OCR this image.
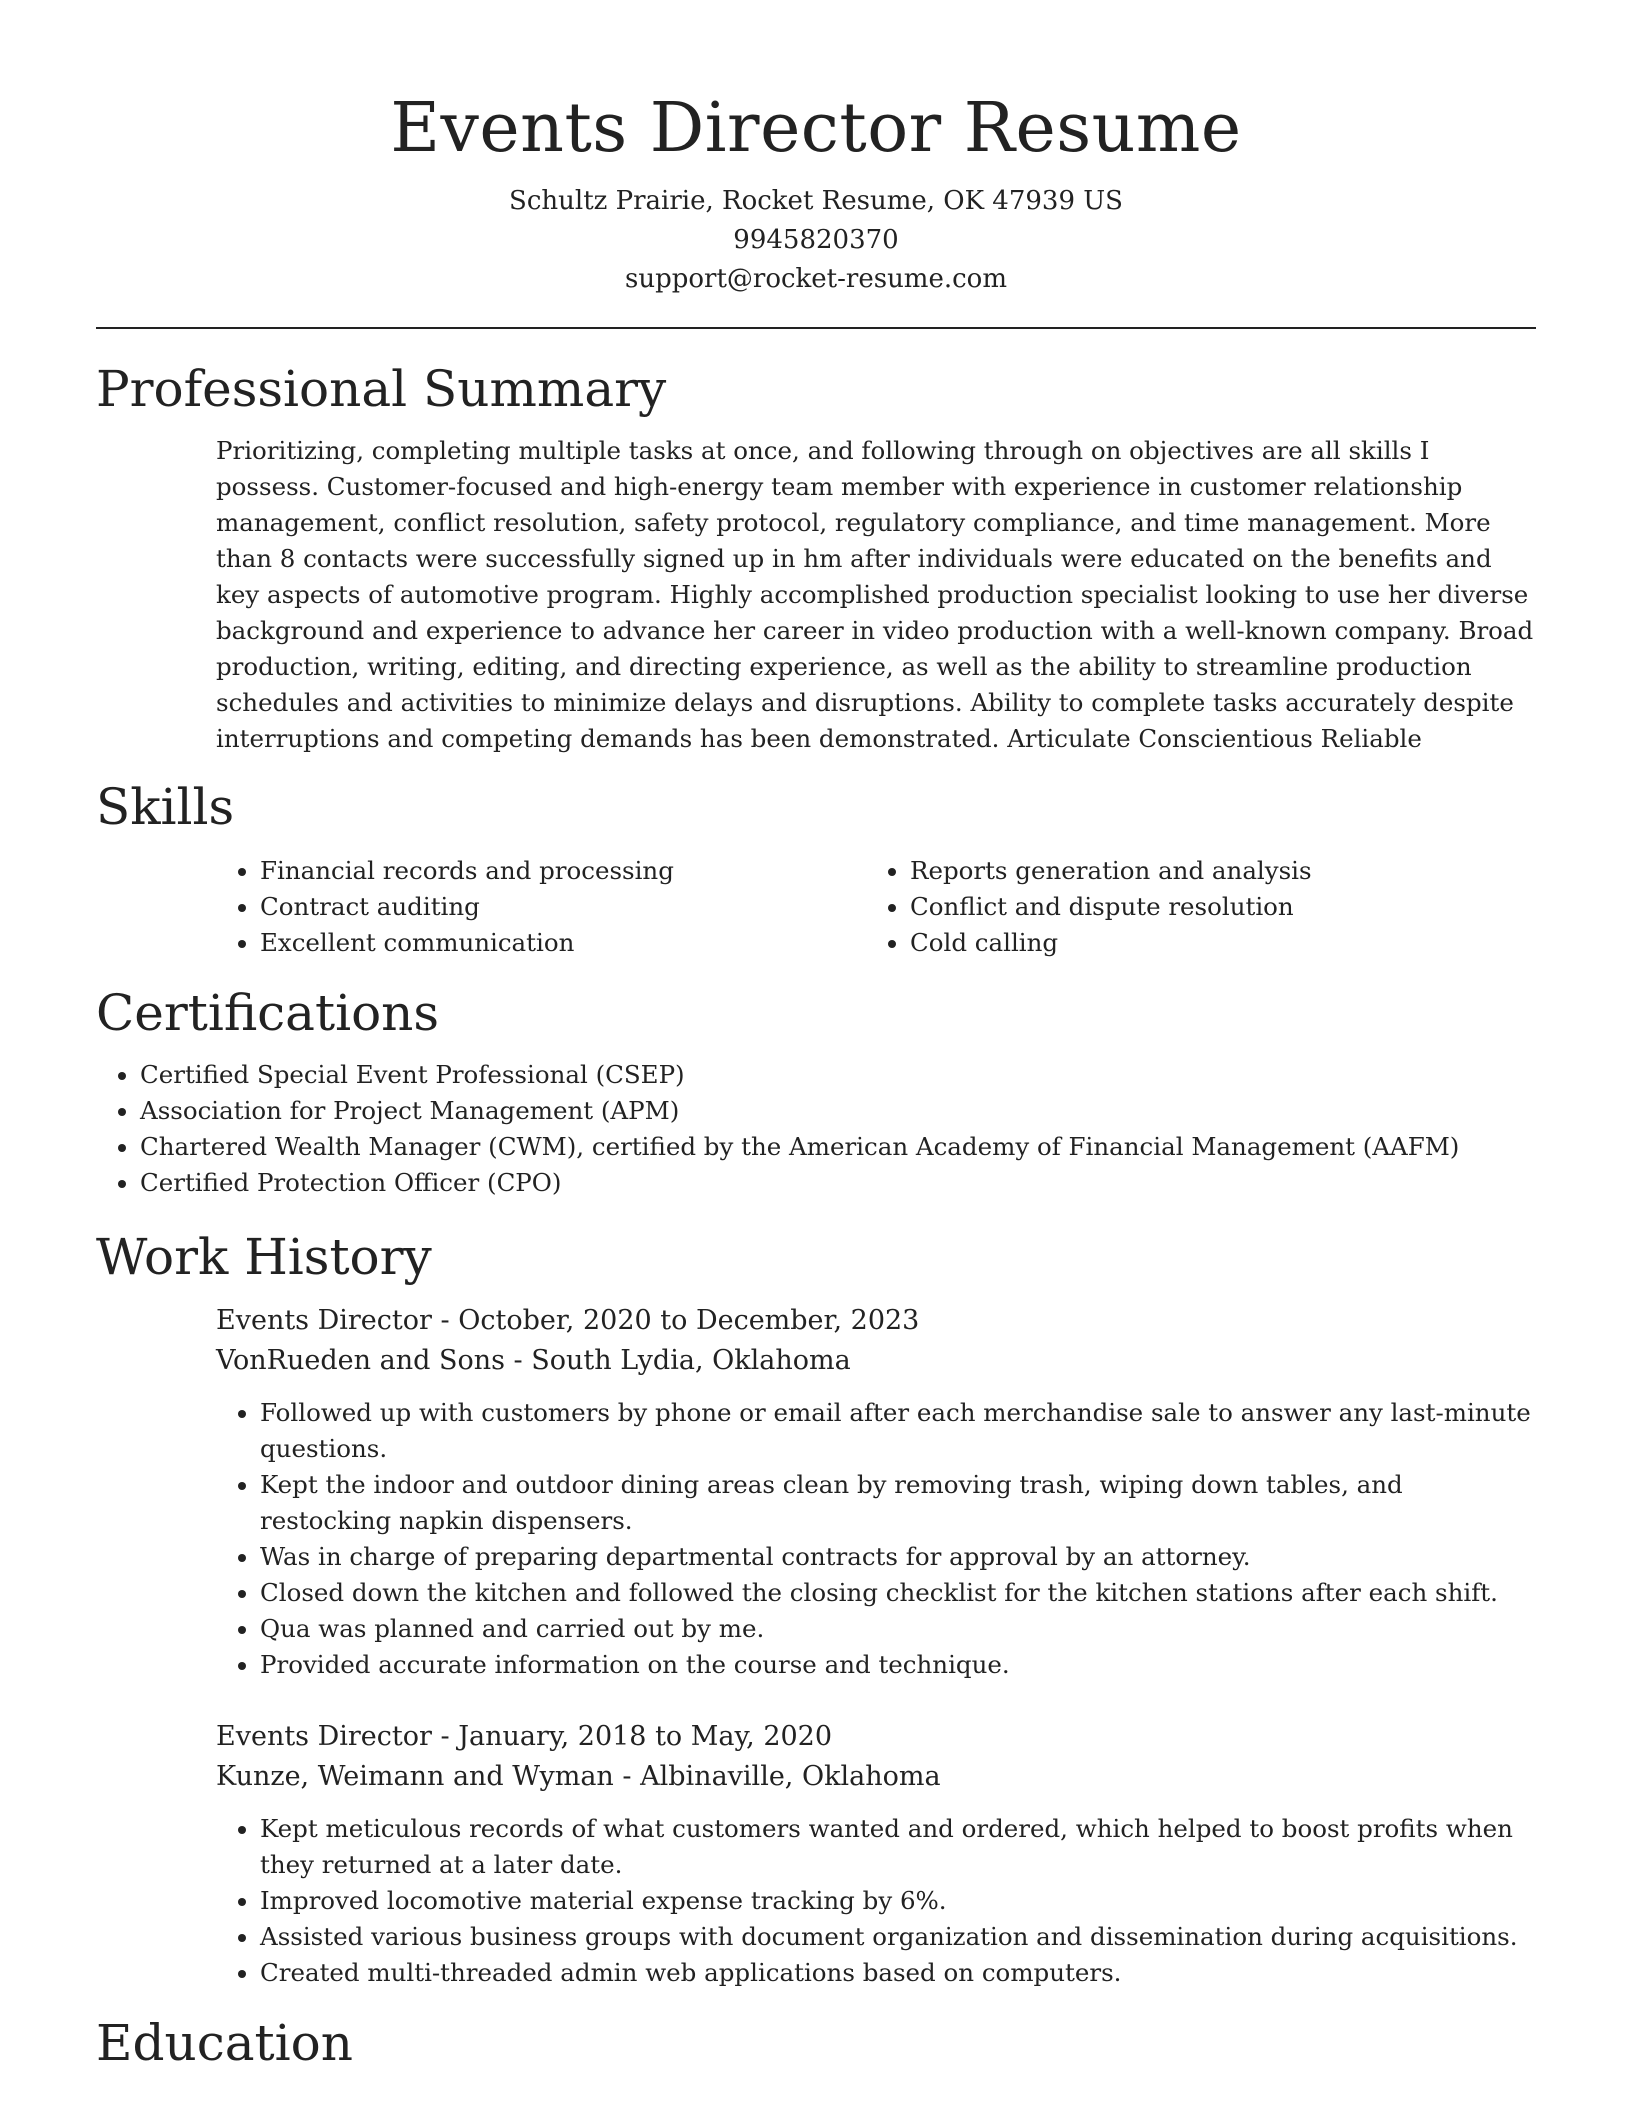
Events Director Resume
Schultz Prairie, Rocket Resume, OK 47939 US
9945820370
support@rocket-resume.com
Professional Summary
Prioritizing, completing multiple tasks at once, and following through on objectives are all skills I possess. Customer-focused and high-energy team member with experience in customer relationship management, conflict resolution, safety protocol, regulatory compliance, and time management. More than 8 contacts were successfully signed up in hm after individuals were educated on the benefits and key aspects of automotive program. Highly accomplished production specialist looking to use her diverse background and experience to advance her career in video production with a well-known company. Broad production, writing, editing, and directing experience, as well as the ability to streamline production schedules and activities to minimize delays and disruptions. Ability to complete tasks accurately despite interruptions and competing demands has been demonstrated. Articulate Conscientious Reliable
Skills
• Financial records and processing
• Contract auditing
• Excellent communication
• Reports generation and analysis
• Conflict and dispute resolution
• Cold calling
Certifications
• Certified Special Event Professional (CSEP)
• Association for Project Management (APM)
• Chartered Wealth Manager (CWM), certified by the American Academy of Financial Management (AAFM)
• Certified Protection Officer (CPO)
Work History
Events Director - October, 2020 to December, 2023
VonRueden and Sons - South Lydia, Oklahoma
• Followed up with customers by phone or email after each merchandise sale to answer any last-minute questions.
• Kept the indoor and outdoor dining areas clean by removing trash, wiping down tables, and restocking napkin dispensers.
• Was in charge of preparing departmental contracts for approval by an attorney.
• Closed down the kitchen and followed the closing checklist for the kitchen stations after each shift.
• Qua was planned and carried out by me.
• Provided accurate information on the course and technique.
Events Director - January, 2018 to May, 2020
Kunze, Weimann and Wyman - Albinaville, Oklahoma
• Kept meticulous records of what customers wanted and ordered, which helped to boost profits when they returned at a later date.
• Improved locomotive material expense tracking by 6%.
• Assisted various business groups with document organization and dissemination during acquisitions.
• Created multi-threaded admin web applications based on computers.
Education
